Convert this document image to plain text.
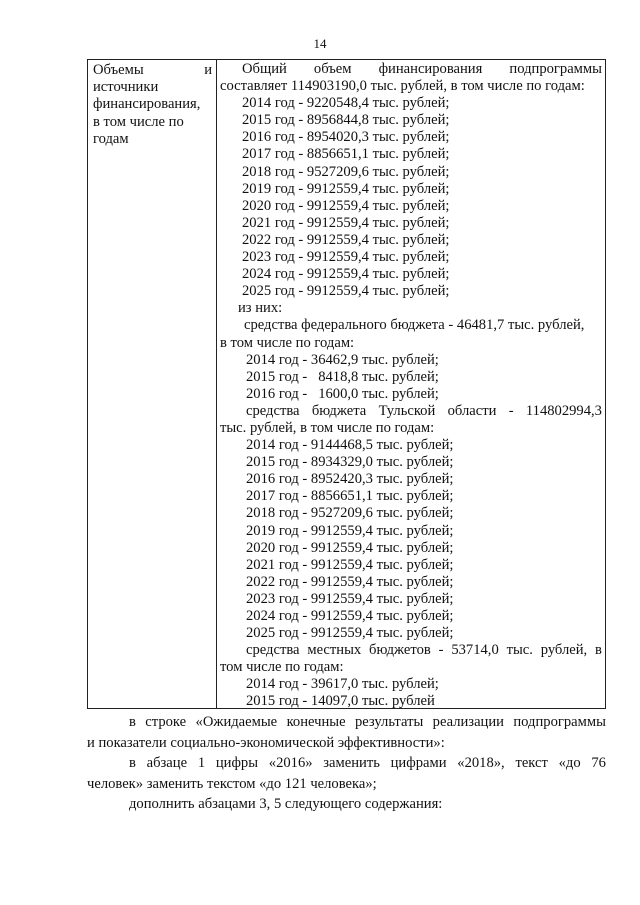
14
Объемы	и
источники
финансирования,
в том числе по
годам
Общий объем финансирования подпрограммы
составляет 114903190,0 тыс. рублей, в том числе по годам:
2014 год - 9220548,4 тыс. рублей;
2015 год - 8956844,8 тыс. рублей;
2016 год - 8954020,3 тыс. рублей;
2017 год - 8856651,1 тыс. рублей;
2018 год - 9527209,6 тыс. рублей;
2019 год - 9912559,4 тыс. рублей;
2020 год - 9912559,4 тыс. рублей;
2021 год - 9912559,4 тыс. рублей;
2022 год - 9912559,4 тыс. рублей;
2023 год - 9912559,4 тыс. рублей;
2024 год - 9912559,4 тыс. рублей;
2025 год - 9912559,4 тыс. рублей;
из них:
средства федерального бюджета - 46481,7 тыс. рублей,
в том числе по годам:
2014 год - 36462,9 тыс. рублей;
2015 год -   8418,8 тыс. рублей;
2016 год -   1600,0 тыс. рублей;
средства бюджета Тульской области - 114802994,3
тыс. рублей, в том числе по годам:
2014 год - 9144468,5 тыс. рублей;
2015 год - 8934329,0 тыс. рублей;
2016 год - 8952420,3 тыс. рублей;
2017 год - 8856651,1 тыс. рублей;
2018 год - 9527209,6 тыс. рублей;
2019 год - 9912559,4 тыс. рублей;
2020 год - 9912559,4 тыс. рублей;
2021 год - 9912559,4 тыс. рублей;
2022 год - 9912559,4 тыс. рублей;
2023 год - 9912559,4 тыс. рублей;
2024 год - 9912559,4 тыс. рублей;
2025 год - 9912559,4 тыс. рублей;
средства местных бюджетов - 53714,0 тыс. рублей, в
том числе по годам:
2014 год - 39617,0 тыс. рублей;
2015 год - 14097,0 тыс. рублей
в строке «Ожидаемые конечные результаты реализации подпрограммы
и показатели социально-экономической эффективности»:
в абзаце 1 цифры «2016» заменить цифрами «2018», текст «до 76
человек» заменить текстом «до 121 человека»;
дополнить абзацами 3, 5 следующего содержания:
